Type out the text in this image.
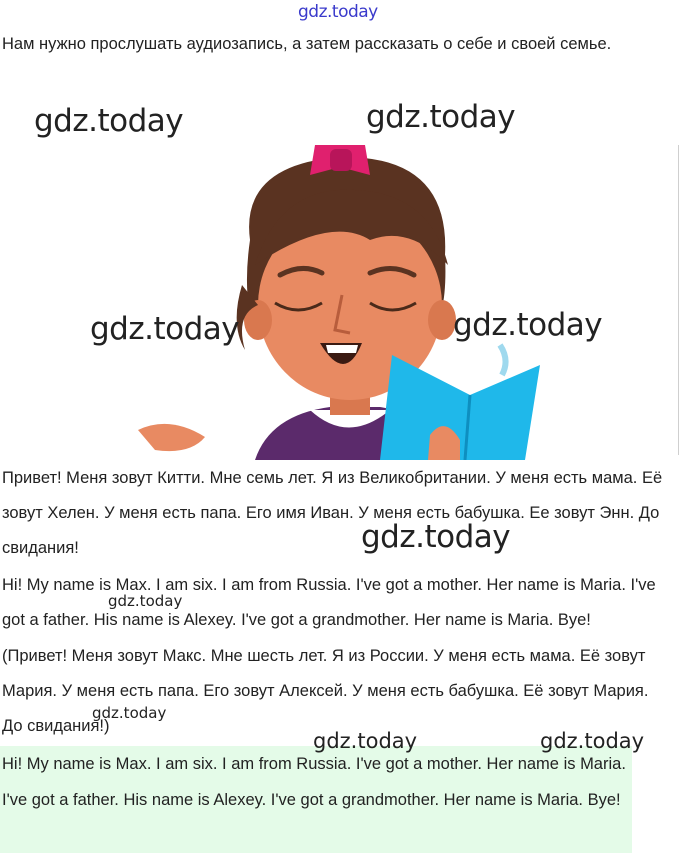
gdz.today

Нам нужно прослушать аудиозапись, а затем рассказать о себе и своей семье.

gdz.today	gdz.today
gdz.today	gdz.today

Привет! Меня зовут Китти. Мне семь лет. Я из Великобритании. У меня есть мама. Её зовут Хелен. У меня есть папа. Его имя Иван. У меня есть бабушка. Ее зовут Энн. До свидания!	gdz.today

Hi! My name is Max. I am six. I am from Russia. I've got a mother. Her name is Maria. I've got a father. His name is Alexey. I've got a grandmother. Her name is Maria. Bye!

gdz.today

(Привет! Меня зовут Макс. Мне шесть лет. Я из России. У меня есть мама. Её зовут Мария. У меня есть папа. Его зовут Алексей. У меня есть бабушка. Её зовут Мария. До свидания!)

gdz.today

Hi! My name is Max. I am six. I am from Russia. I've got a mother. Her name is Maria. I've got a father. His name is Alexey. I've got a grandmother. Her name is Maria. Bye!

gdz.today	gdz.today
